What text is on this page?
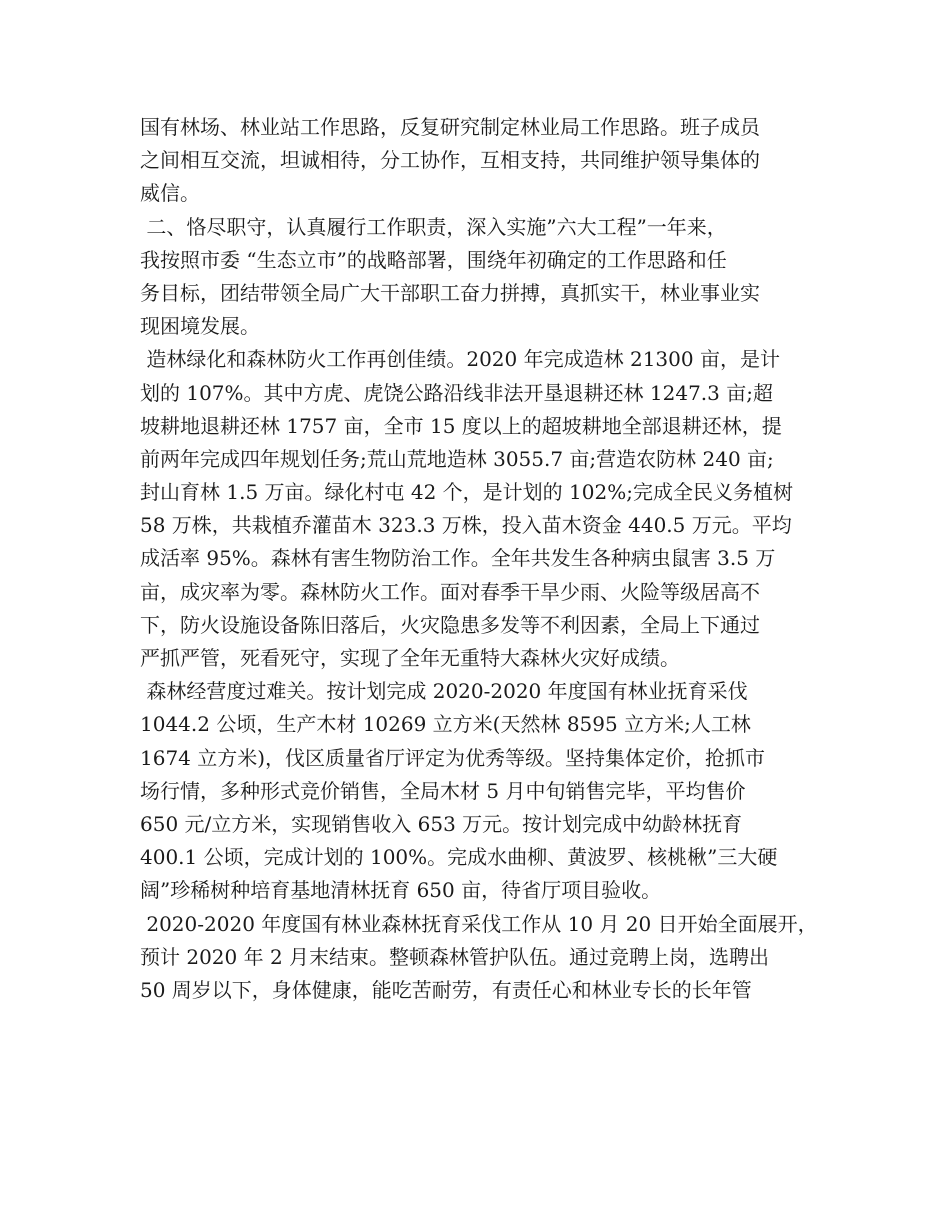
国有林场、林业站工作思路，反复研究制定林业局工作思路。班子成员
之间相互交流，坦诚相待，分工协作，互相支持，共同维护领导集体的
威信。
二、恪尽职守，认真履行工作职责，深入实施”六大工程”一年来，
我按照市委 “生态立市”的战略部署，围绕年初确定的工作思路和任
务目标，团结带领全局广大干部职工奋力拼搏，真抓实干，林业事业实
现困境发展。
造林绿化和森林防火工作再创佳绩。2020 年完成造林 21300 亩，是计
划的 107%。其中方虎、虎饶公路沿线非法开垦退耕还林 1247.3 亩;超
坡耕地退耕还林 1757 亩，全市 15 度以上的超坡耕地全部退耕还林，提
前两年完成四年规划任务;荒山荒地造林 3055.7 亩;营造农防林 240 亩;
封山育林 1.5 万亩。绿化村屯 42 个，是计划的 102%;完成全民义务植树
58 万株，共栽植乔灌苗木 323.3 万株，投入苗木资金 440.5 万元。平均
成活率 95%。森林有害生物防治工作。全年共发生各种病虫鼠害 3.5 万
亩，成灾率为零。森林防火工作。面对春季干旱少雨、火险等级居高不
下，防火设施设备陈旧落后，火灾隐患多发等不利因素，全局上下通过
严抓严管，死看死守，实现了全年无重特大森林火灾好成绩。
森林经营度过难关。按计划完成 2020-2020 年度国有林业抚育采伐
1044.2 公顷，生产木材 10269 立方米(天然林 8595 立方米;人工林
1674 立方米)，伐区质量省厅评定为优秀等级。坚持集体定价，抢抓市
场行情，多种形式竞价销售，全局木材 5 月中旬销售完毕，平均售价
650 元/立方米，实现销售收入 653 万元。按计划完成中幼龄林抚育
400.1 公顷，完成计划的 100%。完成水曲柳、黄波罗、核桃楸”三大硬
阔”珍稀树种培育基地清林抚育 650 亩，待省厅项目验收。
2020-2020 年度国有林业森林抚育采伐工作从 10 月 20 日开始全面展开，
预计 2020 年 2 月末结束。整顿森林管护队伍。通过竞聘上岗，选聘出
50 周岁以下，身体健康，能吃苦耐劳，有责任心和林业专长的长年管
